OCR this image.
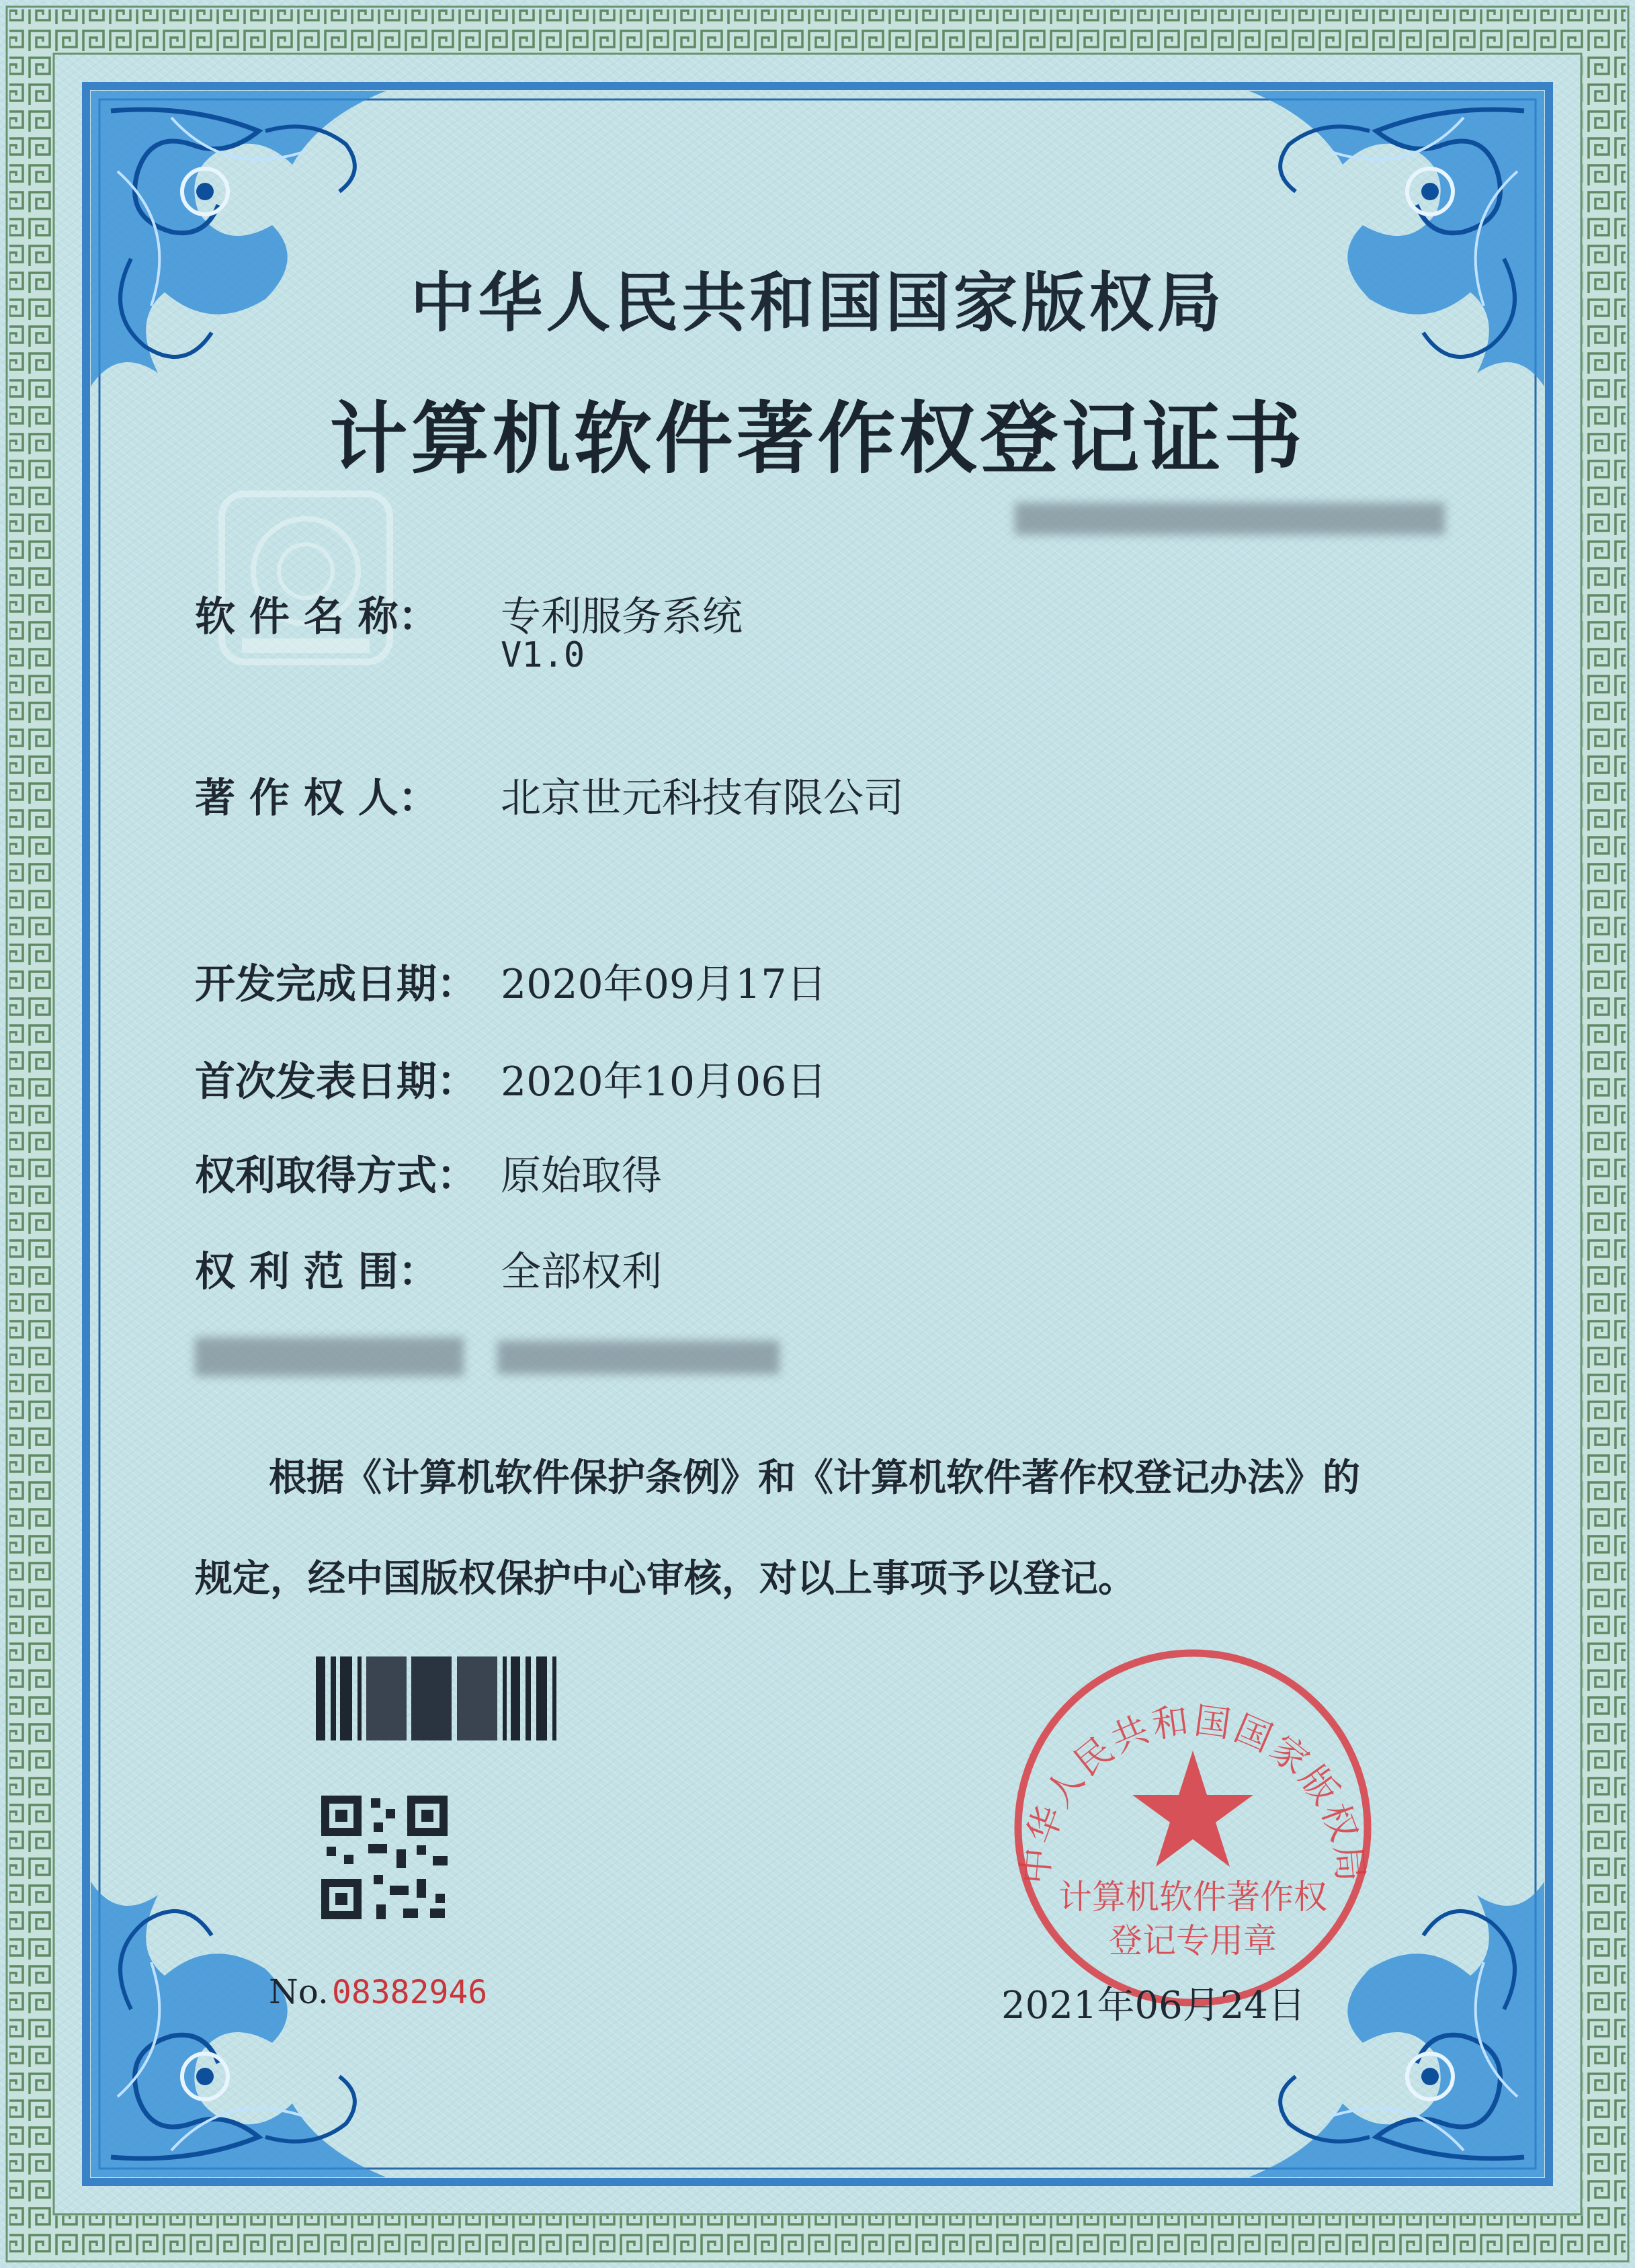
中华人民共和国国家版权局
计算机软件著作权
登记专用章
中华人民共和国国家版权局
计算机软件著作权登记证书
软 件 名 称： 专利服务系统
V1.0
著 作 权 人： 北京世元科技有限公司
开发完成日期： 2020年09月17日
首次发表日期： 2020年10月06日
权利取得方式： 原始取得
权 利 范 围： 全部权利
根据《计算机软件保护条例》和《计算机软件著作权登记办法》的
规定，经中国版权保护中心审核，对以上事项予以登记。
No. 08382946	2021年06月24日
